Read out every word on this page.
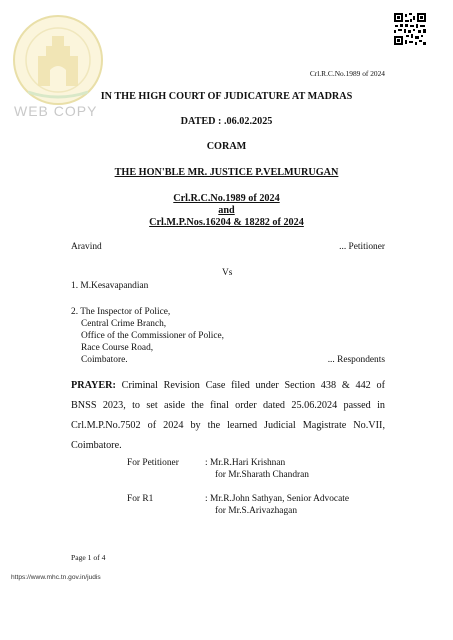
WEB COPY
Crl.R.C.No.1989 of 2024
IN THE HIGH COURT OF JUDICATURE AT MADRAS
DATED : .06.02.2025
CORAM
THE HON'BLE MR. JUSTICE P.VELMURUGAN
Crl.R.C.No.1989 of 2024
and
Crl.M.P.Nos.16204 & 18282 of 2024
Aravind	... Petitioner
Vs
1. M.Kesavapandian
2. The Inspector of Police,
Central Crime Branch,
Office of the Commissioner of Police,
Race Course Road,
Coimbatore.	... Respondents
PRAYER: Criminal Revision Case filed under Section 438 & 442 of
BNSS 2023, to set aside the final order dated 25.06.2024 passed in
Crl.M.P.No.7502 of 2024 by the learned Judicial Magistrate No.VII,
Coimbatore.
For Petitioner	: Mr.R.Hari Krishnan
for Mr.Sharath Chandran
For R1	: Mr.R.John Sathyan, Senior Advocate
for Mr.S.Arivazhagan
Page 1 of 4
https://www.mhc.tn.gov.in/judis
